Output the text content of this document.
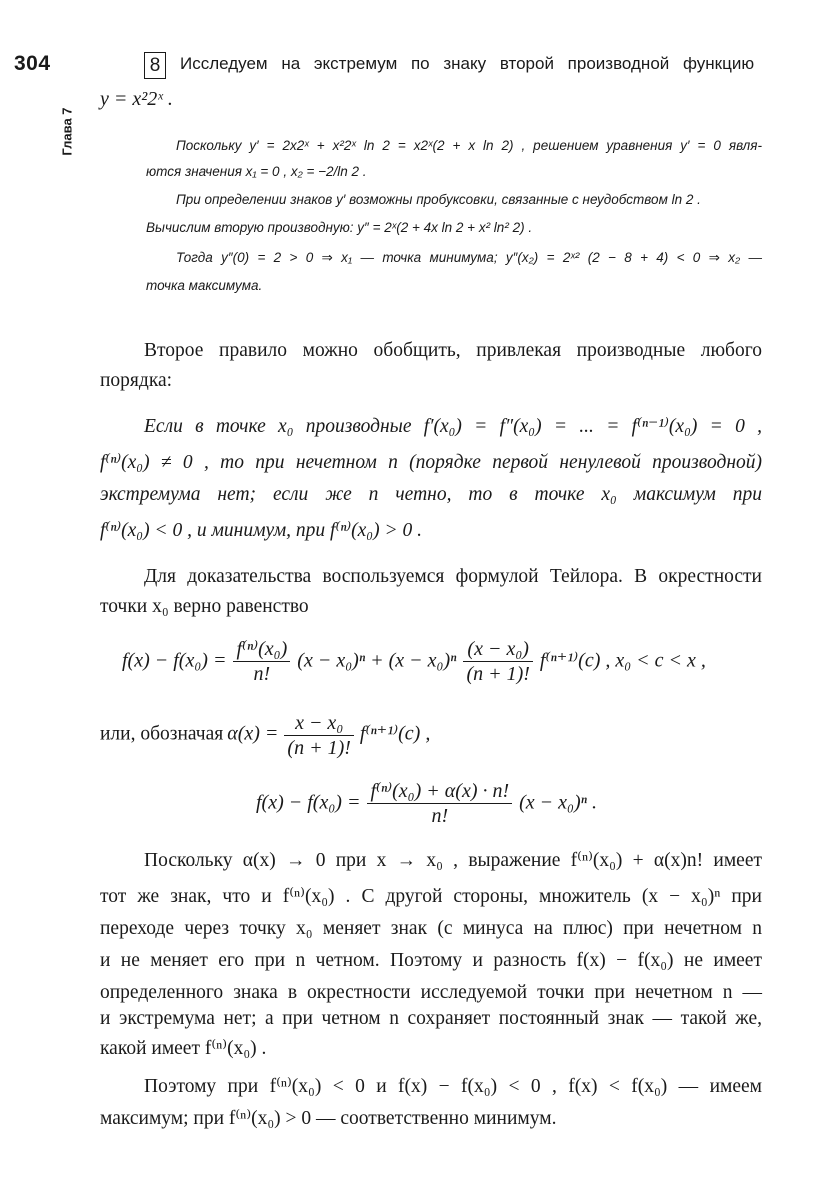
304
Глава 7
8	Исследуем на экстремум по знаку второй производной функцию
y = x²2ˣ .
Поскольку y′ = 2x2ˣ + x²2ˣ ln 2 = x2ˣ(2 + x ln 2) , решением уравнения y′ = 0 явля-
ются значения x₁ = 0 , x₂ = −2/ln 2 .
При определении знаков y′ возможны пробуксовки, связанные с неудобством ln 2 .
Вычислим вторую производную: y″ = 2ˣ(2 + 4x ln 2 + x² ln² 2) .
Тогда y″(0) = 2 > 0 ⇒ x₁ — точка минимума; y″(x₂) = 2ˣ² (2 − 8 + 4) < 0 ⇒ x₂ —
точка максимума.
Второе правило можно обобщить, привлекая производные любого
порядка:
Если в точке x₀ производные f′(x₀) = f″(x₀) = ... = f⁽ⁿ⁻¹⁾(x₀) = 0 ,
f⁽ⁿ⁾(x₀) ≠ 0 , то при нечетном n (порядке первой ненулевой производной)
экстремума нет; если же n четно, то в точке x₀ максимум при
f⁽ⁿ⁾(x₀) < 0 , и минимум, при f⁽ⁿ⁾(x₀) > 0 .
Для доказательства воспользуемся формулой Тейлора. В окрестности
точки x₀ верно равенство
$f(x) - f(x_0) = \frac{\text{f⁽ⁿ⁾(x₀)}}{n!} (x - x_0)^n + (x - x_0)^n \frac{\text{(x − x₀)}}{(n + 1)!} f^{(n+1)}(c)$ , x₀ < c < x ,
или, обозначая $\alpha(x) = \frac{\text{x − x₀}}{(n + 1)!} f^{(n+1)}(c)$ ,
$f(x) - f(x_0) = \frac{\text{f⁽ⁿ⁾(x₀) + α(x) · n!}}{n!} (x - x_0)^n$ .
Поскольку α(x) → 0 при x → x₀ , выражение f⁽ⁿ⁾(x₀) + α(x)n! имеет
тот же знак, что и f⁽ⁿ⁾(x₀) . С другой стороны, множитель (x − x₀)ⁿ при
переходе через точку x₀ меняет знак (с минуса на плюс) при нечетном n
и не меняет его при n четном. Поэтому и разность f(x) − f(x₀) не имеет
определенного знака в окрестности исследуемой точки при нечетном n —
и экстремума нет; а при четном n сохраняет постоянный знак — такой же,
какой имеет f⁽ⁿ⁾(x₀) .
Поэтому при f⁽ⁿ⁾(x₀) < 0 и f(x) − f(x₀) < 0 , f(x) < f(x₀) — имеем
максимум; при f⁽ⁿ⁾(x₀) > 0 — соответственно минимум.
